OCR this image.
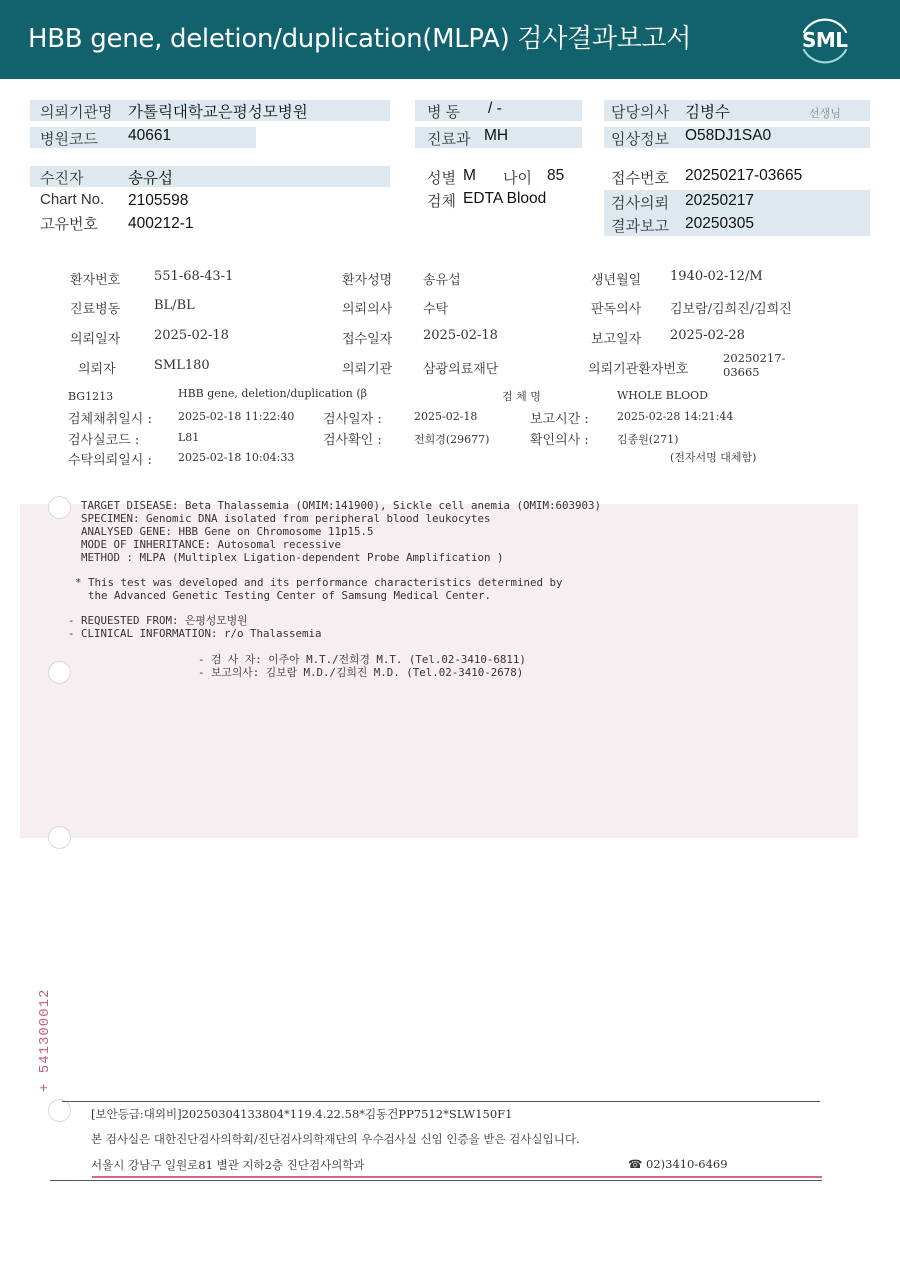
HBB gene, deletion/duplication(MLPA) 검사결과보고서	SML
의뢰기관명 가톨릭대학교은평성모병원
병원코드 40661
병 동 / -
진료과 MH
담당의사 김병수	선생님
임상정보 O58DJ1SA0
수진자	송유섭
Chart No. 2105598
고유번호 400212-1
성별 M 나이 85
검체 EDTA Blood
접수번호 20250217-03665
검사의뢰 20250217
결과보고 20250305
환자번호	551-68-43-1	환자성명 송유섭	생년월일 1940-02-12/M
진료병동	BL/BL	의뢰의사 수탁	판독의사 김보람/김희진/김희진
의뢰일자	2025-02-18	접수일자 2025-02-18	보고일자 2025-02-28
의뢰자	SML180	의뢰기관 삼광의료재단	의뢰기관환자번호
20250217-
03665
BG1213	HBB gene, deletion/duplication (β	검 체 명	WHOLE BLOOD
검체채취일시 : 2025-02-18 11:22:40 검사일자 :	2025-02-18	보고시간 :	2025-02-28 14:21:44
검사실코드 :	L81	검사확인 :	전희경(29677)	확인의사 :	김종원(271)
수탁의뢰일시 : 2025-02-18 10:04:33	(전자서명 대체함)
TARGET DISEASE: Beta Thalassemia (OMIM:141900), Sickle cell anemia (OMIM:603903)
SPECIMEN: Genomic DNA isolated from peripheral blood leukocytes
ANALYSED GENE: HBB Gene on Chromosome 11p15.5
MODE OF INHERITANCE: Autosomal recessive
METHOD : MLPA (Multiplex Ligation-dependent Probe Amplification )
* This test was developed and its performance characteristics determined by
the Advanced Genetic Testing Center of Samsung Medical Center.
- REQUESTED FROM: 은평성모병원
- CLINICAL INFORMATION: r/o Thalassemia
- 검 사 자: 이주아 M.T./전희경 M.T. (Tel.02-3410-6811)
- 보고의사: 김보람 M.D./김희진 M.D. (Tel.02-3410-2678)
+ 541300012
[보안등급:대외비]20250304133804*119.4.22.58*김동건PP7512*SLW150F1
본 검사실은 대한진단검사의학회/진단검사의학재단의 우수검사실 신임 인증을 받은 검사실입니다.
서울시 강남구 일원로81 별관 지하2층 진단검사의학과	☎ 02)3410-6469
